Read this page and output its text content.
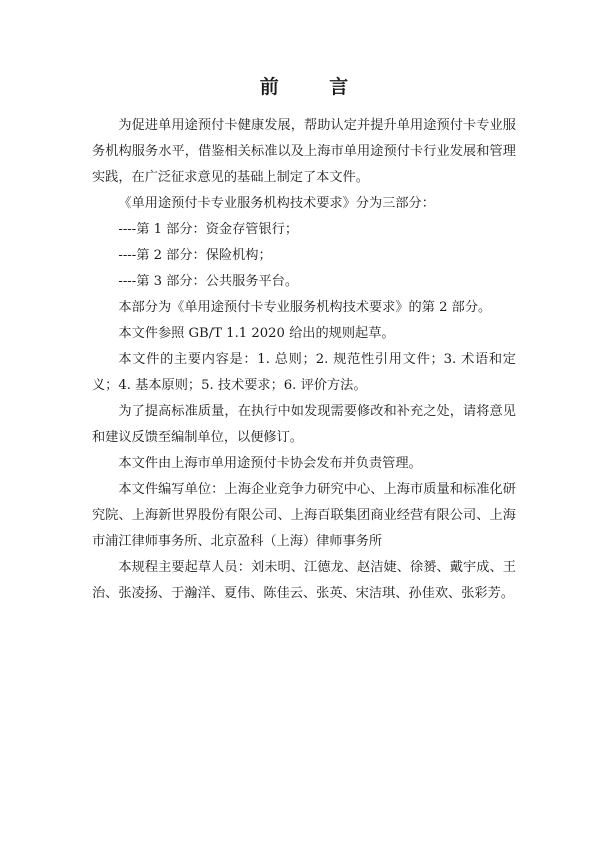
前 言

为促进单用途预付卡健康发展，帮助认定并提升单用途预付卡专业服务机构服务水平，借鉴相关标准以及上海市单用途预付卡行业发展和管理实践，在广泛征求意见的基础上制定了本文件。

《单用途预付卡专业服务机构技术要求》分为三部分：

----第 1 部分：资金存管银行；

----第 2 部分：保险机构；

----第 3 部分：公共服务平台。

本部分为《单用途预付卡专业服务机构技术要求》的第 2 部分。

本文件参照 GB/T 1.1 2020 给出的规则起草。

本文件的主要内容是：1. 总则；2. 规范性引用文件；3. 术语和定义；4. 基本原则；5. 技术要求；6. 评价方法。

为了提高标准质量，在执行中如发现需要修改和补充之处，请将意见和建议反馈至编制单位，以便修订。

本文件由上海市单用途预付卡协会发布并负责管理。

本文件编写单位：上海企业竞争力研究中心、上海市质量和标准化研究院、上海新世界股份有限公司、上海百联集团商业经营有限公司、上海市浦江律师事务所、北京盈科（上海）律师事务所

本规程主要起草人员：刘未明、江德龙、赵洁婕、徐赟、戴宇成、王治、张凌扬、于瀚洋、夏伟、陈佳云、张英、宋洁琪、孙佳欢、张彩芳。
